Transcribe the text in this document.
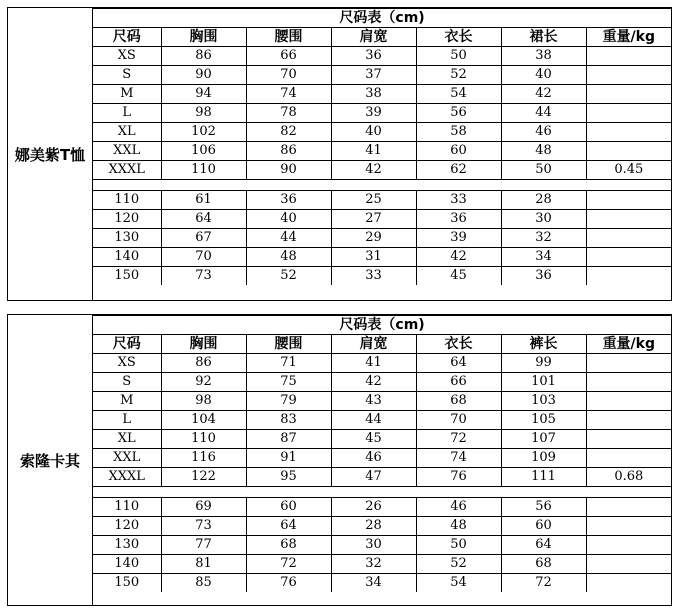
娜美紫T恤
尺码表（cm)						
尺码	胸围	腰围	肩宽	衣长	裙长	重量/kg
XS	86	66	36	50	38	
S	90	70	37	52	40	
M	94	74	38	54	42	
L	98	78	39	56	44	
XL	102	82	40	58	46	
XXL	106	86	41	60	48	
XXXL	110	90	42	62	50	0.45

110	61	36	25	33	28	
120	64	40	27	36	30	
130	67	44	29	39	32	
140	70	48	31	42	34	
150	73	52	33	45	36	
索隆卡其
尺码表（cm)						
尺码	胸围	腰围	肩宽	衣长	裤长	重量/kg
XS	86	71	41	64	99	
S	92	75	42	66	101	
M	98	79	43	68	103	
L	104	83	44	70	105	
XL	110	87	45	72	107	
XXL	116	91	46	74	109	
XXXL	122	95	47	76	111	0.68

110	69	60	26	46	56	
120	73	64	28	48	60	
130	77	68	30	50	64	
140	81	72	32	52	68	
150	85	76	34	54	72	
